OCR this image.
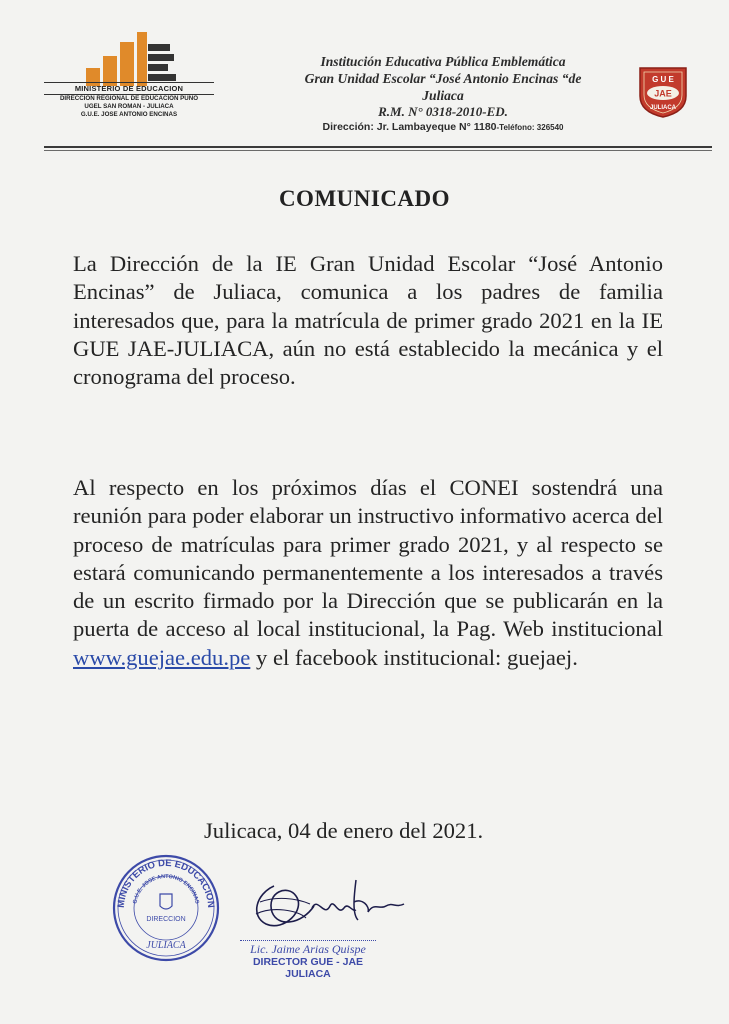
MINISTERIO DE EDUCACION
DIRECCION REGIONAL DE EDUCACION PUNO
UGEL SAN ROMAN - JULIACA
G.U.E. JOSE ANTONIO ENCINAS
Institución Educativa Pública Emblemática
Gran Unidad Escolar “José Antonio Encinas “de
Juliaca
R.M. N° 0318-2010-ED.
Dirección: Jr. Lambayeque N° 1180-Teléfono: 326540
G U E
JAE
JULIACA
COMUNICADO
La Dirección de la IE Gran Unidad Escolar “José Antonio Encinas” de Juliaca, comunica a los padres de familia interesados que, para la matrícula de primer grado 2021 en la IE GUE JAE-JULIACA, aún no está establecido la mecánica y el cronograma del proceso.
Al respecto en los próximos días el CONEI sostendrá una reunión para poder elaborar un instructivo informativo acerca del proceso de matrículas para primer grado 2021, y al respecto se estará comunicando permanentemente a los interesados a través de un escrito firmado por la Dirección que se publicarán en la puerta de acceso al local institucional, la Pag. Web institucional www.guejae.edu.pe y el facebook institucional: guejaej.
Julicaca, 04 de enero del 2021.
MINISTERIO DE EDUCACION
G.U.E. JOSE ANTONIO ENCINAS
DIRECCION
JULIACA	Lic. Jaime Arias Quispe
DIRECTOR GUE - JAE
JULIACA
